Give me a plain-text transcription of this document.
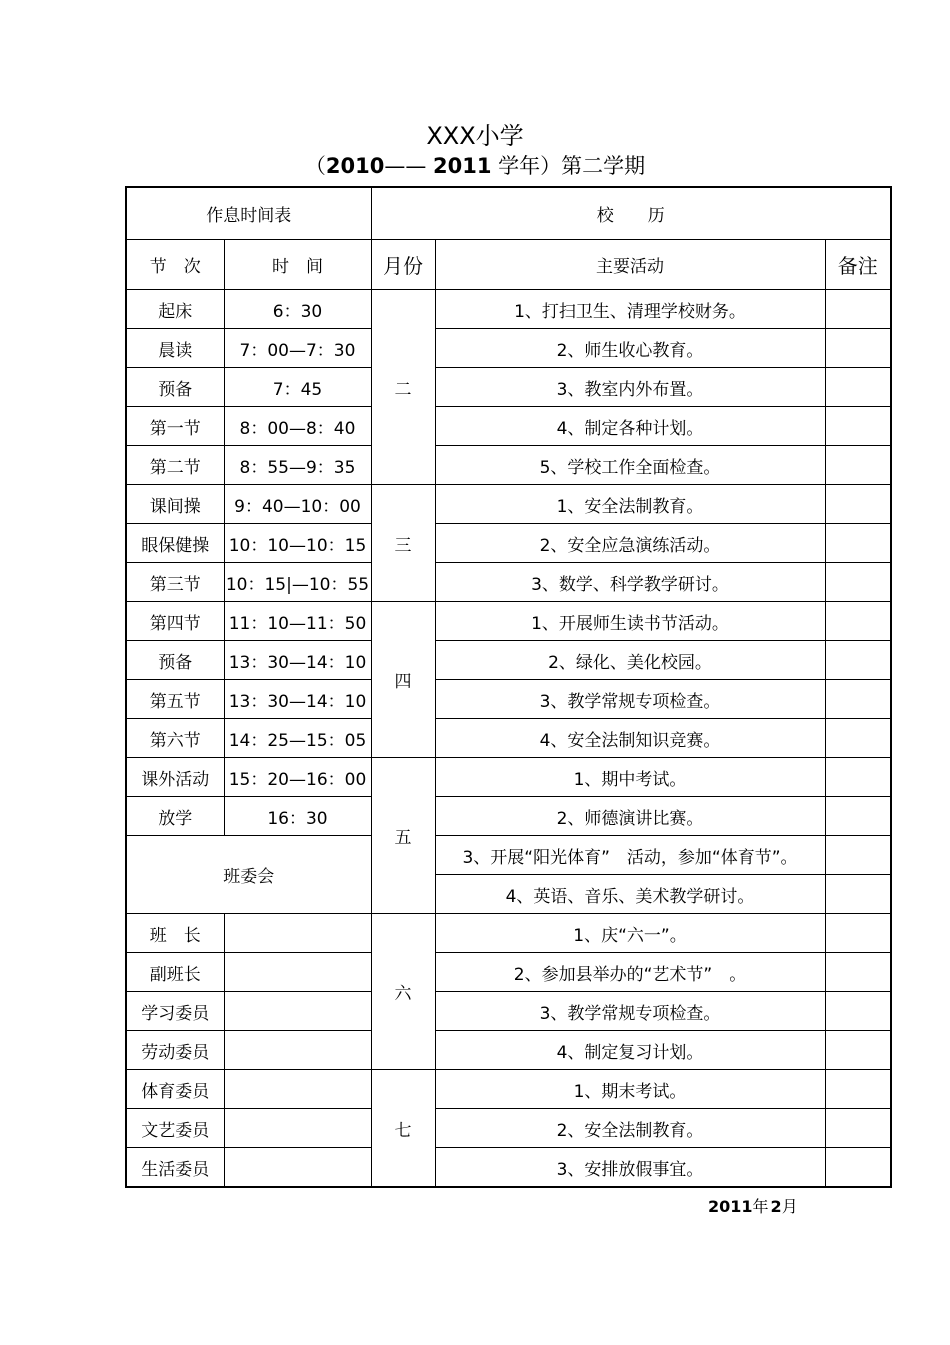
XXX小学
（2010—— 2011 学年）第二学期
作息时间表		校　　历		
节　次	时　间	月份	主要活动	备注
起床	6：30	二	1、打扫卫生、清理学校财务。	
晨读	7：00—7：30		2、师生收心教育。	
预备	7：45		3、教室内外布置。	
第一节	8：00—8：40		4、制定各种计划。	
第二节	8：55—9：35		5、学校工作全面检查。	
课间操	9：40—10：00	三	1、安全法制教育。	
眼保健操	10：10—10：15		2、安全应急演练活动。	
第三节	10：15|—10：55		3、数学、科学教学研讨。	
第四节	11：10—11：50	四	1、开展师生读书节活动。	
预备	13：30—14：10		2、绿化、美化校园。	
第五节	13：30—14：10		3、教学常规专项检查。	
第六节	14：25—15：05		4、安全法制知识竞赛。	
课外活动	15：20—16：00	五	1、期中考试。	
放学	16：30		2、师德演讲比赛。	
班委会			3、开展“阳光体育”　活动，参加“体育节”。	
			4、英语、音乐、美术教学研讨。	
班　长		六	1、庆“六一”。	
副班长			2、参加县举办的“艺术节”　。	
学习委员			3、教学常规专项检查。	
劳动委员			4、制定复习计划。	
体育委员		七	1、期末考试。	
文艺委员			2、安全法制教育。	
生活委员			3、安排放假事宜。	
2011年 2月
